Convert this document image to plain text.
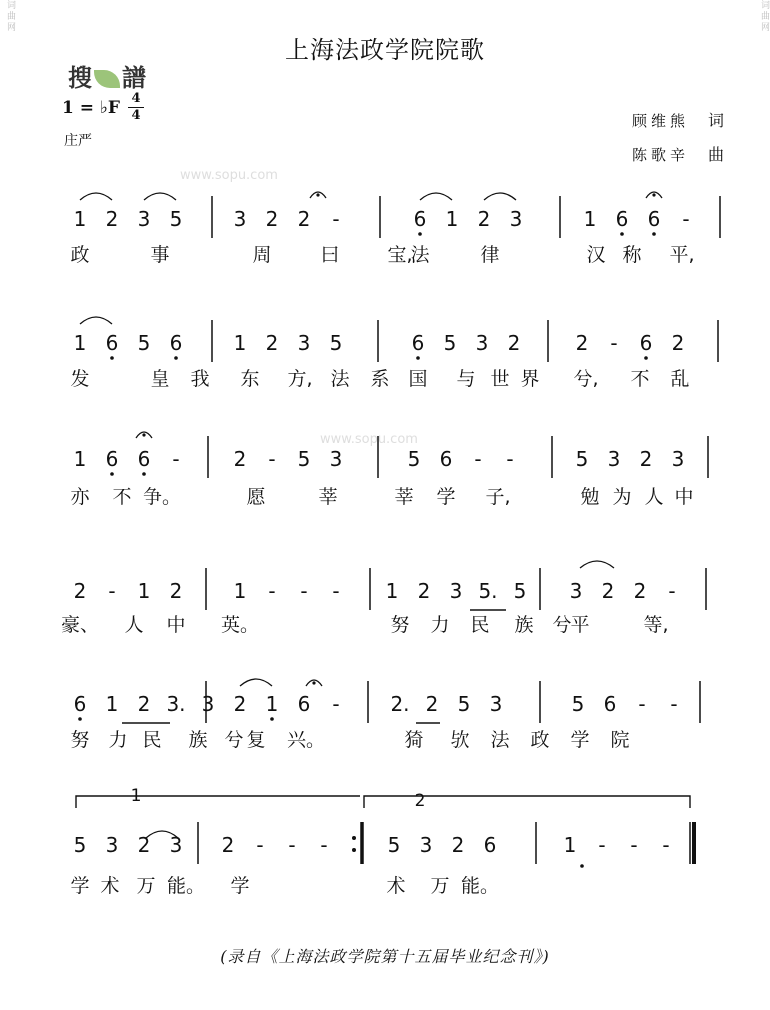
词曲网	词曲网
上海法政学院院歌
搜 譜
1 = ♭F 4
4
庄严
顾维熊 词
陈歌辛 曲
www.sopu.com
www.sopu.com
1	2
1 2 3 5	3 2 2 -	6 1 2 3	1 6 6 -
政	事	周	曰	宝,
法	律	汉 称 平,
1 6 5 6	1 2 3 5	6 5 3 2	2 - 6 2
发	皇 我 东 方, 法 系 国 与 世 界 兮, 不 乱
1 6 6 -	2 - 5 3	5 6 - -	5 3 2 3
亦 不 争。	愿	莘	莘 学 子,	勉 为 人 中
2 - 1 2	1 - - - 1 2 3 5. 5 3 2 2 -
豪、 人 中 英。	努 力 民 族 兮
平	等,
6 1 2 3. 3 2 1 6 -	2. 2 5 3	5 6 - -
努 力 民 族 兮 复 兴。	猗 欤 法 政 学 院
5 3 2 3 2 - - -	5 3 2 6	1 - - -
学 术 万 能。 学	术 万 能。
(录自《上海法政学院第十五届毕业纪念刊》)
